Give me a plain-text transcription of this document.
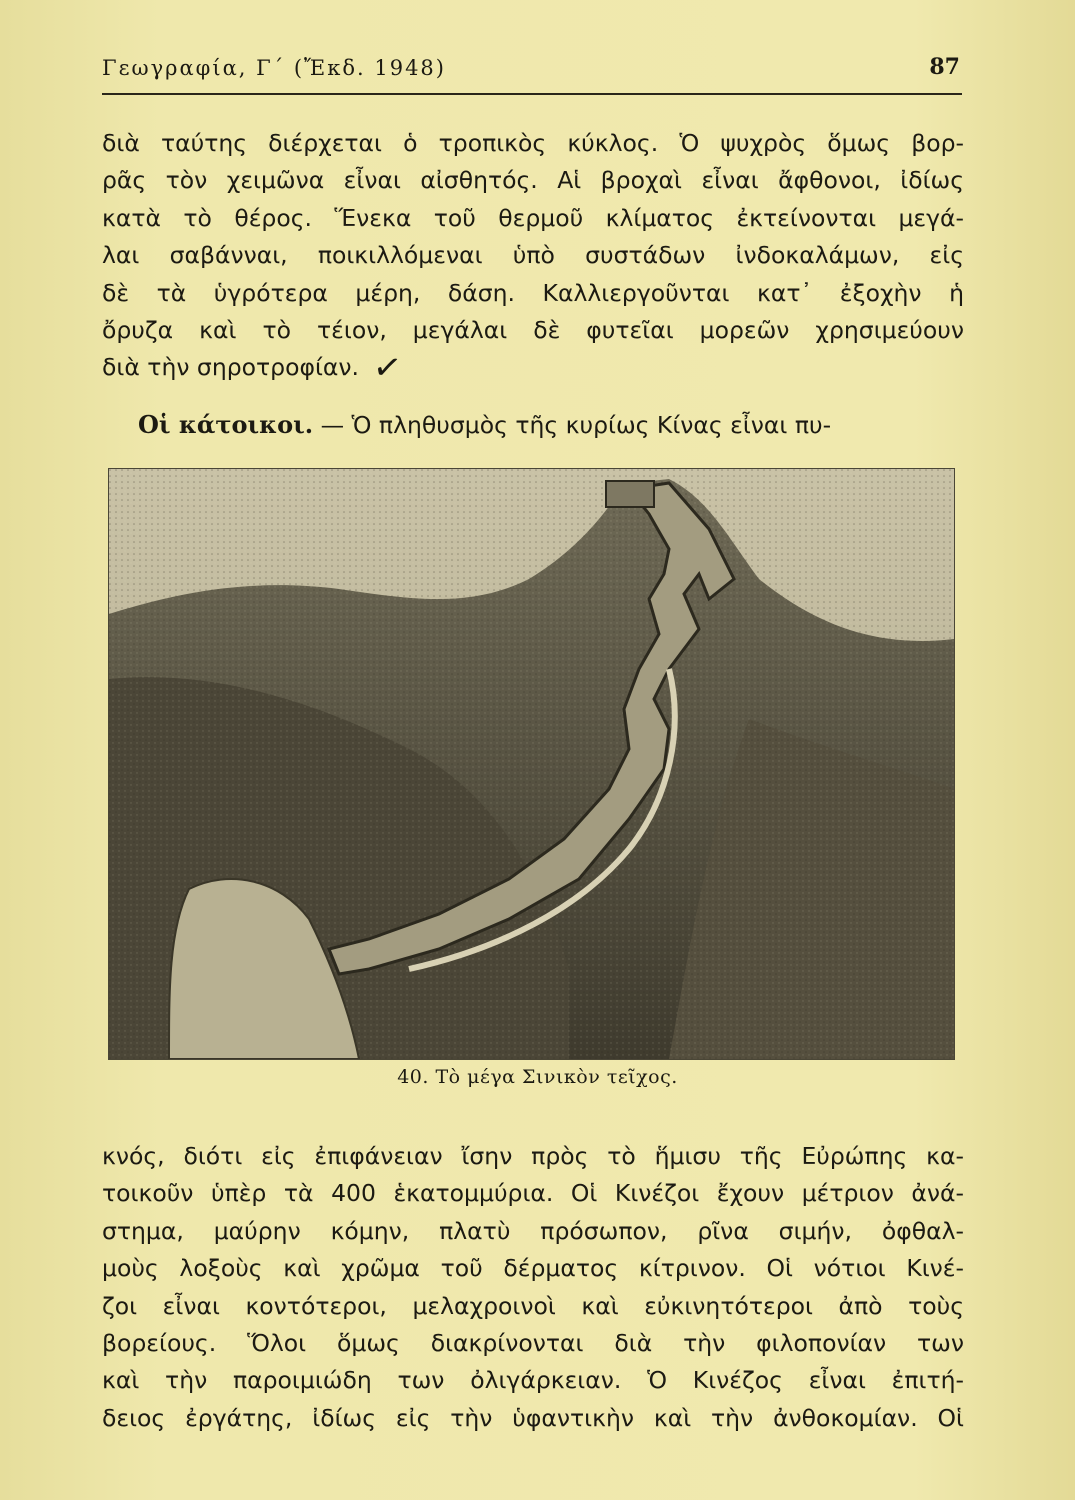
Γεωγραφία, Γ΄ (Ἔκδ. 1948)	87
διὰ ταύτης διέρχεται ὁ τροπικὸς κύκλος. Ὁ ψυχρὸς ὅμως βορ-
ρᾶς τὸν χειμῶνα εἶναι αἰσθητός. Αἱ βροχαὶ εἶναι ἄφθονοι, ἰδίως
κατὰ τὸ θέρος. Ἕνεκα τοῦ θερμοῦ κλίματος ἐκτείνονται μεγά-
λαι σαβάνναι, ποικιλλόμεναι ὑπὸ συστάδων ἰνδοκαλάμων, εἰς
δὲ τὰ ὑγρότερα μέρη, δάση. Καλλιεργοῦνται κατ᾽ ἐξοχὴν ἡ
ὄρυζα καὶ τὸ τέιον, μεγάλαι δὲ φυτεῖαι μορεῶν χρησιμεύουν
διὰ τὴν σηροτροφίαν. ✓
Οἱ κάτοικοι. — Ὁ πληθυσμὸς τῆς κυρίως Κίνας εἶναι πυ-
40. Τὸ μέγα Σινικὸν τεῖχος.
κνός, διότι εἰς ἐπιφάνειαν ἴσην πρὸς τὸ ἥμισυ τῆς Εὐρώπης κα-
τοικοῦν ὑπὲρ τὰ 400 ἑκατομμύρια. Οἱ Κινέζοι ἔχουν μέτριον ἀνά-
στημα, μαύρην κόμην, πλατὺ πρόσωπον, ρῖνα σιμήν, ὀφθαλ-
μοὺς λοξοὺς καὶ χρῶμα τοῦ δέρματος κίτρινον. Οἱ νότιοι Κινέ-
ζοι εἶναι κοντότεροι, μελαχροινοὶ καὶ εὐκινητότεροι ἀπὸ τοὺς
βορείους. Ὅλοι ὅμως διακρίνονται διὰ τὴν φιλοπονίαν των
καὶ τὴν παροιμιώδη των ὀλιγάρκειαν. Ὁ Κινέζος εἶναι ἐπιτή-
δειος ἐργάτης, ἰδίως εἰς τὴν ὑφαντικὴν καὶ τὴν ἀνθοκομίαν. Οἱ
